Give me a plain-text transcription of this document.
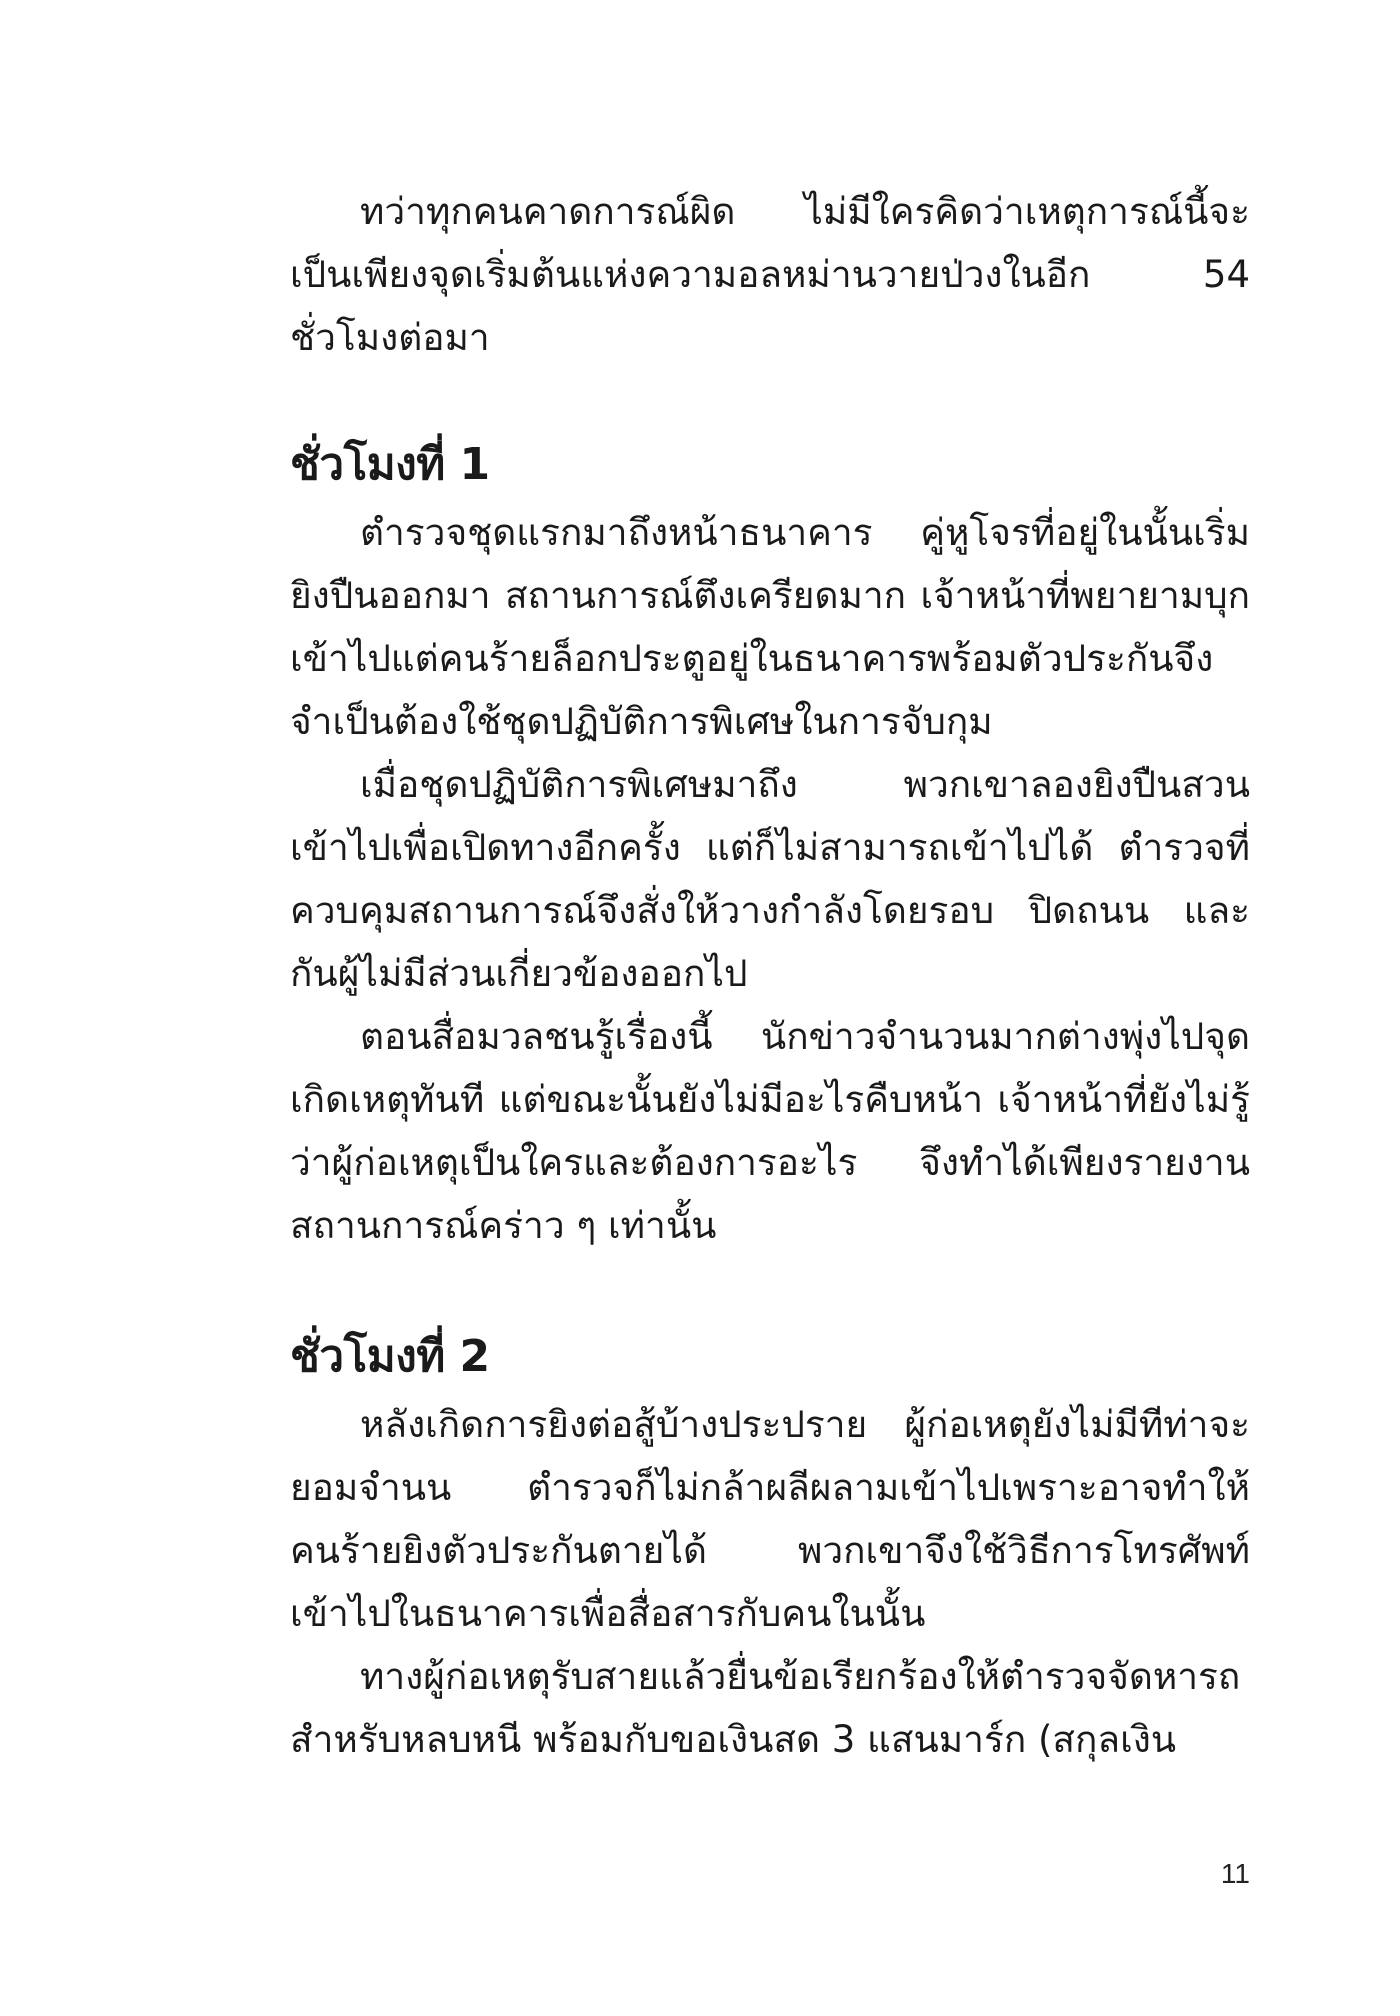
ทว่าทุกคนคาดการณ์ผิด ไม่มีใครคิดว่าเหตุการณ์นี้จะเป็นเพียงจุดเริ่มต้นแห่งความอลหม่านวายป่วงในอีก 54 ชั่วโมงต่อมา

ชั่วโมงที่ 1

ตำรวจชุดแรกมาถึงหน้าธนาคาร คู่หูโจรที่อยู่ในนั้นเริ่มยิงปืนออกมา สถานการณ์ตึงเครียดมาก เจ้าหน้าที่พยายามบุกเข้าไปแต่คนร้ายล็อกประตูอยู่ในธนาคารพร้อมตัวประกันจึงจำเป็นต้องใช้ชุดปฏิบัติการพิเศษในการจับกุม

เมื่อชุดปฏิบัติการพิเศษมาถึง พวกเขาลองยิงปืนสวนเข้าไปเพื่อเปิดทางอีกครั้ง แต่ก็ไม่สามารถเข้าไปได้ ตำรวจที่ควบคุมสถานการณ์จึงสั่งให้วางกำลังโดยรอบ ปิดถนน และกันผู้ไม่มีส่วนเกี่ยวข้องออกไป

ตอนสื่อมวลชนรู้เรื่องนี้ นักข่าวจำนวนมากต่างพุ่งไปจุดเกิดเหตุทันที แต่ขณะนั้นยังไม่มีอะไรคืบหน้า เจ้าหน้าที่ยังไม่รู้ว่าผู้ก่อเหตุเป็นใครและต้องการอะไร จึงทำได้เพียงรายงานสถานการณ์คร่าว ๆ เท่านั้น

ชั่วโมงที่ 2

หลังเกิดการยิงต่อสู้บ้างประปราย ผู้ก่อเหตุยังไม่มีทีท่าจะยอมจำนน ตำรวจก็ไม่กล้าผลีผลามเข้าไปเพราะอาจทำให้คนร้ายยิงตัวประกันตายได้ พวกเขาจึงใช้วิธีการโทรศัพท์เข้าไปในธนาคารเพื่อสื่อสารกับคนในนั้น

ทางผู้ก่อเหตุรับสายแล้วยื่นข้อเรียกร้องให้ตำรวจจัดหารถสำหรับหลบหนี พร้อมกับขอเงินสด 3 แสนมาร์ก (สกุลเงิน

11
